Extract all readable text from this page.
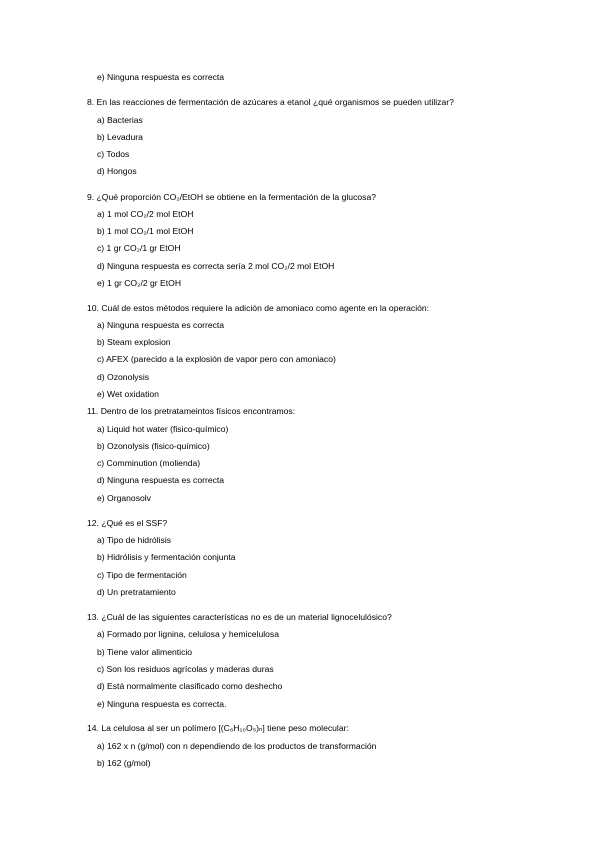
e) Ninguna respuesta es correcta
8. En las reacciones de fermentación de azúcares a etanol ¿qué organismos se pueden utilizar?
a) Bacterias
b) Levadura
c) Todos
d) Hongos
9. ¿Qué proporción CO₂/EtOH se obtiene en la fermentación de la glucosa?
a) 1 mol CO₂/2 mol EtOH
b) 1 mol CO₂/1 mol EtOH
c) 1 gr CO₂/1 gr EtOH
d) Ninguna respuesta es correcta sería 2 mol CO₂/2 mol EtOH
e) 1 gr CO₂/2 gr EtOH
10. Cuál de estos métodos requiere la adición de amoniaco como agente en la operación:
a) Ninguna respuesta es correcta
b) Steam explosion
c) AFEX (parecido a la explosión de vapor pero con amoniaco)
d) Ozonolysis
e) Wet oxidation
11. Dentro de los pretratameintos físicos encontramos:
a) Liquid hot water (fisico-químico)
b) Ozonolysis (fisico-químico)
c) Comminution (molienda)
d) Ninguna respuesta es correcta
e) Organosolv
12. ¿Qué es el SSF?
a) Tipo de hidrólisis
b) Hidrólisis y fermentación conjunta
c) Tipo de fermentación
d) Un pretratamiento
13. ¿Cuál de las siguientes características no es de un material lignocelulósico?
a) Formado por lignina, celulosa y hemicelulosa
b) Tiene valor alimenticio
c) Son los residuos agrícolas y maderas duras
d) Está normalmente clasificado como deshecho
e) Ninguna respuesta es correcta.
14. La celulosa al ser un polímero [(C₆H₁₀O₅)ₙ] tiene peso molecular:
a) 162 x n (g/mol) con n dependiendo de los productos de transformación
b) 162 (g/mol)
